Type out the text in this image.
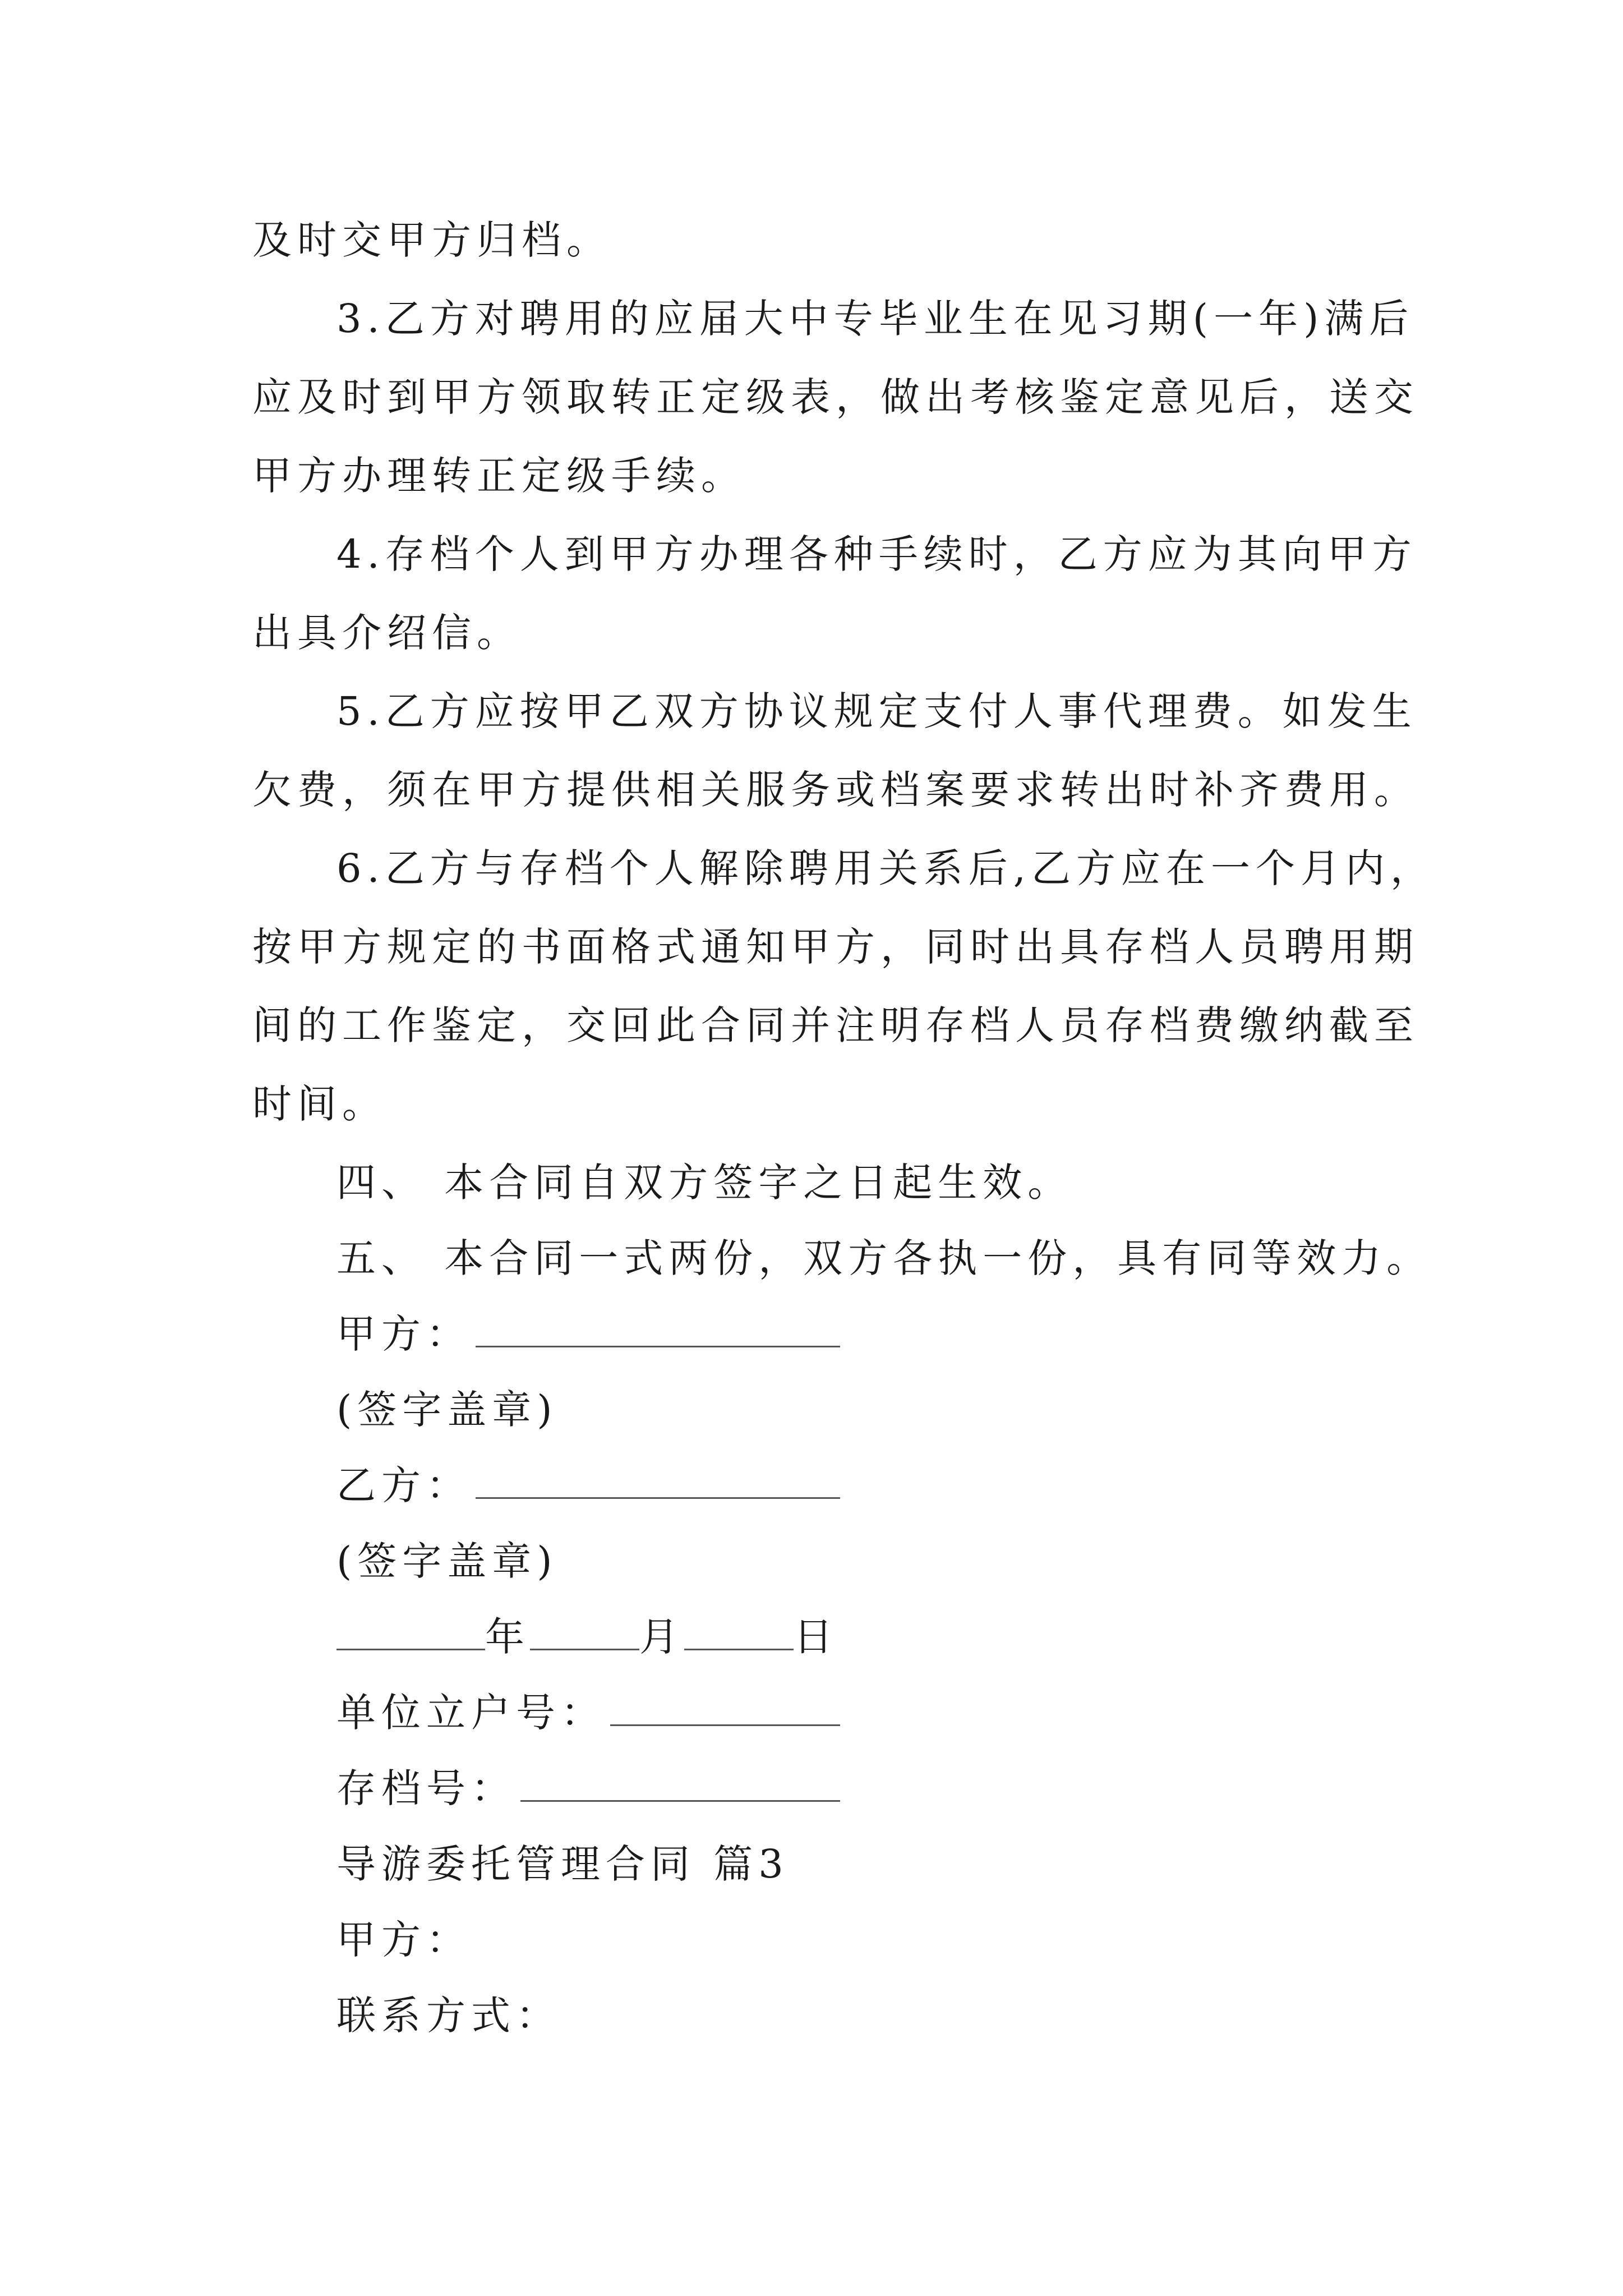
及时交甲方归档。
3.乙方对聘用的应届大中专毕业生在见习期(一年)满后
应及时到甲方领取转正定级表，做出考核鉴定意见后，送交
甲方办理转正定级手续。
4.存档个人到甲方办理各种手续时，乙方应为其向甲方
出具介绍信。
5.乙方应按甲乙双方协议规定支付人事代理费。如发生
欠费，须在甲方提供相关服务或档案要求转出时补齐费用。
6.乙方与存档个人解除聘用关系后,乙方应在一个月内，
按甲方规定的书面格式通知甲方，同时出具存档人员聘用期
间的工作鉴定，交回此合同并注明存档人员存档费缴纳截至
时间。
四、 本合同自双方签字之日起生效。
五、 本合同一式两份，双方各执一份，具有同等效力。
甲方：
(签字盖章)
乙方：
(签字盖章)
年	月	日
单位立户号：
存档号：
导游委托管理合同 篇3
甲方：
联系方式：
